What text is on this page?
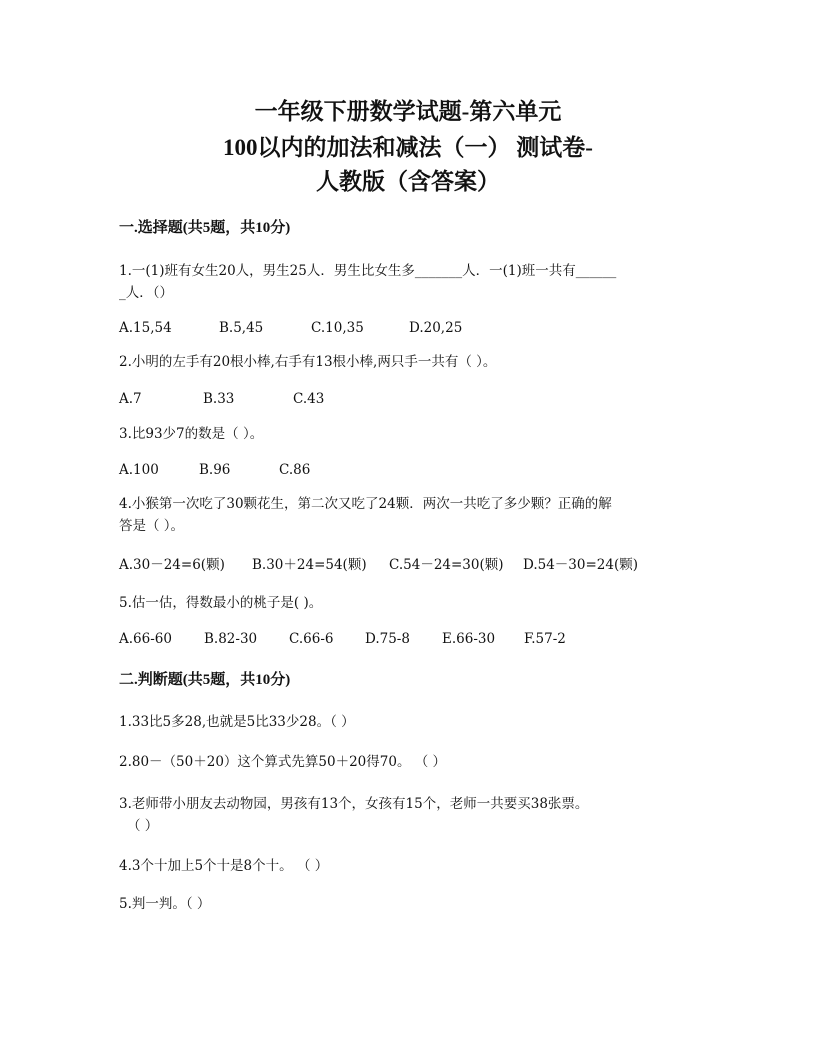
一年级下册数学试题-第六单元
100以内的加法和减法（一） 测试卷-
人教版（含答案）
一.选择题(共5题，共10分)
1.一(1)班有女生20人，男生25人．男生比女生多_______人．一(1)班一共有______
_人．（）
A.15,54	B.5,45	C.10,35	D.20,25
2.小明的左手有20根小棒,右手有13根小棒,两只手一共有（ ）。
A.7	B.33	C.43
3.比93少7的数是（ ）。
A.100	B.96	C.86
4.小猴第一次吃了30颗花生，第二次又吃了24颗．两次一共吃了多少颗？正确的解
答是（ ）。
A.30－24=6(颗) B.30＋24=54(颗) C.54－24=30(颗) D.54－30=24(颗)
5.估一估，得数最小的桃子是( )。
A.66-60 B.82-30 C.66-6 D.75-8 E.66-30 F.57-2
二.判断题(共5题，共10分)
1.33比5多28,也就是5比33少28。（ ）
2.80－（50＋20）这个算式先算50＋20得70。 （ ）
3.老师带小朋友去动物园，男孩有13个，女孩有15个，老师一共要买38张票。
（ ）
4.3个十加上5个十是8个十。 （ ）
5.判一判。（ ）
